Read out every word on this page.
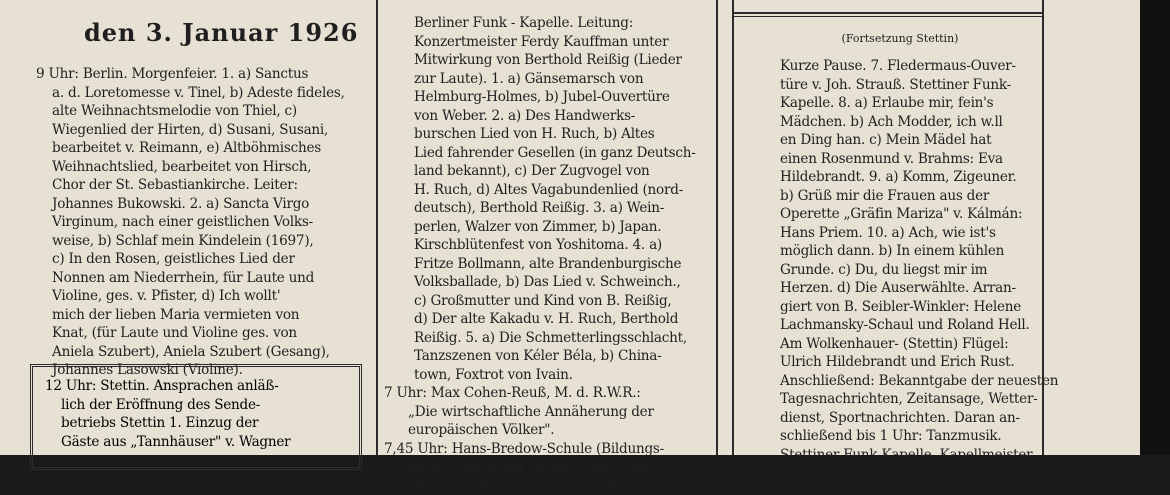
den 3. Januar 1926
9 Uhr: Berlin. Morgenfeier. 1. a) Sanctus
a. d. Loretomesse v. Tinel, b) Adeste fideles,
alte Weihnachtsmelodie von Thiel, c)
Wiegenlied der Hirten, d) Susani, Susani,
bearbeitet v. Reimann, e) Altböhmisches
Weihnachtslied, bearbeitet von Hirsch,
Chor der St. Sebastiankirche. Leiter:
Johannes Bukowski. 2. a) Sancta Virgo
Virginum, nach einer geistlichen Volks-
weise, b) Schlaf mein Kindelein (1697),
c) In den Rosen, geistliches Lied der
Nonnen am Niederrhein, für Laute und
Violine, ges. v. Pfister, d) Ich wollt'
mich der lieben Maria vermieten von
Knat, (für Laute und Violine ges. von
Aniela Szubert), Aniela Szubert (Gesang),
Johannes Lasowski (Violine).
12 Uhr: Stettin. Ansprachen anläß-
lich der Eröffnung des Sende-
betriebs Stettin 1. Einzug der
Gäste aus „Tannhäuser" v. Wagner
Berliner Funk - Kapelle. Leitung:
Konzertmeister Ferdy Kauffman unter
Mitwirkung von Berthold Reißig (Lieder
zur Laute). 1. a) Gänsemarsch von
Helmburg-Holmes, b) Jubel-Ouvertüre
von Weber. 2. a) Des Handwerks-
burschen Lied von H. Ruch, b) Altes
Lied fahrender Gesellen (in ganz Deutsch-
land bekannt), c) Der Zugvogel von
H. Ruch, d) Altes Vagabundenlied (nord-
deutsch), Berthold Reißig. 3. a) Wein-
perlen, Walzer von Zimmer, b) Japan.
Kirschblütenfest von Yoshitoma. 4. a)
Fritze Bollmann, alte Brandenburgische
Volksballade, b) Das Lied v. Schweinch.,
c) Großmutter und Kind von B. Reißig,
d) Der alte Kakadu v. H. Ruch, Berthold
Reißig. 5. a) Die Schmetterlingsschlacht,
Tanzszenen von Kéler Béla, b) China-
town, Foxtrot von Ivain.
7 Uhr: Max Cohen-Reuß, M. d. R.W.R.:
„Die wirtschaftliche Annäherung der
europäischen Völker".
7,45 Uhr: Hans-Bredow-Schule (Bildungs-
kurse), Abteilung Musikwissenschaft.
Dr. James Simon: „Die neuzeitliche
(Fortsetzung Stettin)
Kurze Pause. 7. Fledermaus-Ouver-
türe v. Joh. Strauß. Stettiner Funk-
Kapelle. 8. a) Erlaube mir, fein's
Mädchen. b) Ach Modder, ich w.ll
en Ding han. c) Mein Mädel hat
einen Rosenmund v. Brahms: Eva
Hildebrandt. 9. a) Komm, Zigeuner.
b) Grüß mir die Frauen aus der
Operette „Gräfin Mariza" v. Kálmán:
Hans Priem. 10. a) Ach, wie ist's
möglich dann. b) In einem kühlen
Grunde. c) Du, du liegst mir im
Herzen. d) Die Auserwählte. Arran-
giert von B. Seibler-Winkler: Helene
Lachmansky-Schaul und Roland Hell.
Am Wolkenhauer- (Stettin) Flügel:
Ulrich Hildebrandt und Erich Rust.
Anschließend: Bekanntgabe der neuesten
Tagesnachrichten, Zeitansage, Wetter-
dienst, Sportnachrichten. Daran an-
schließend bis 1 Uhr: Tanzmusik.
Stettiner Funk-Kapelle. Kapellmeister
H. Scheibenhofer.
